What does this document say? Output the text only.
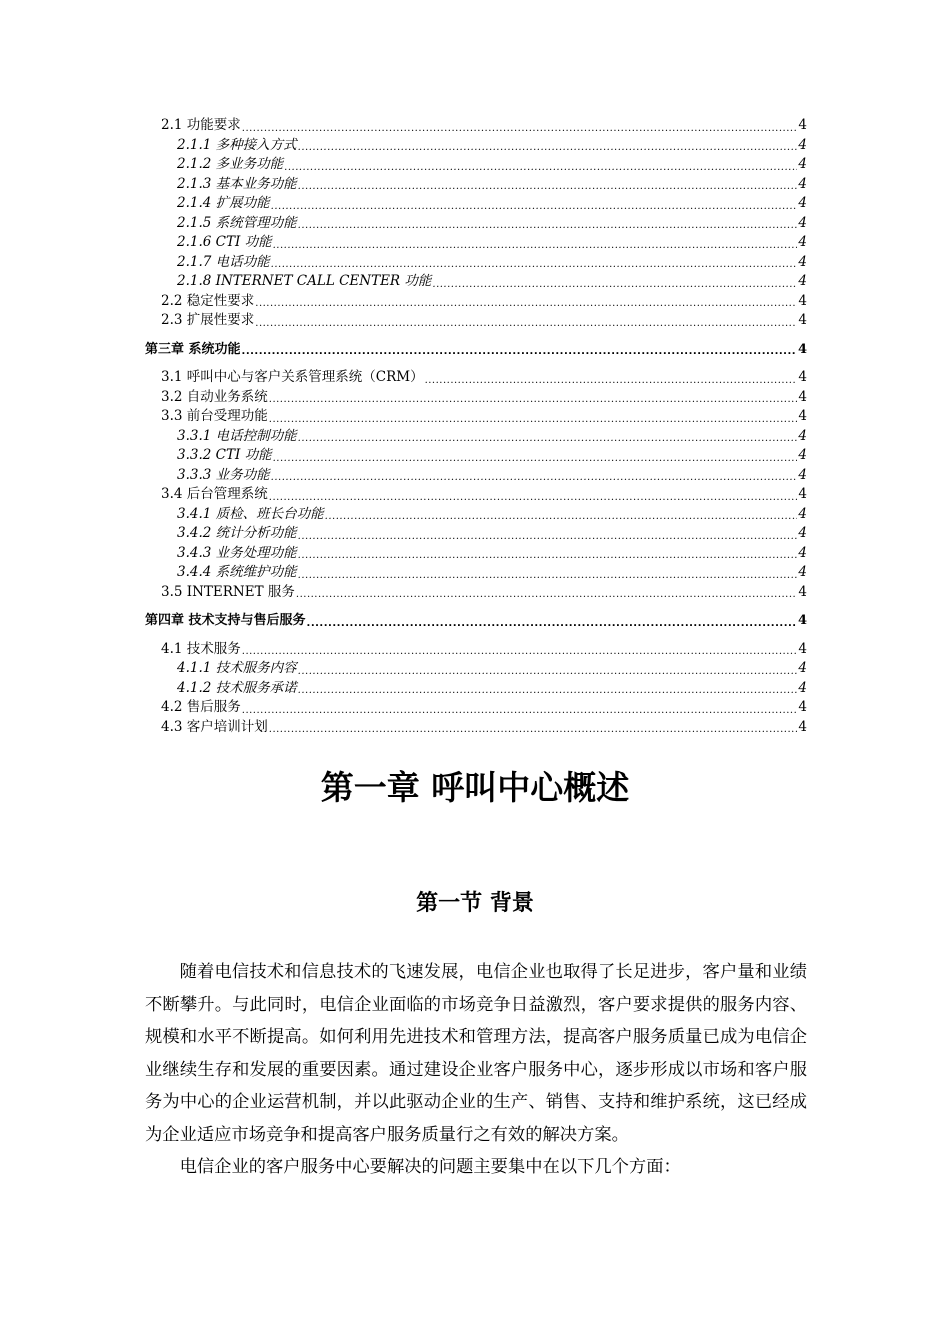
2.1 功能要求 .....	4
2.1.1 多种接入方式 .....	4
2.1.2 多业务功能 .....	4
2.1.3 基本业务功能 .....	4
2.1.4 扩展功能 .....	4
2.1.5 系统管理功能 .....	4
2.1.6 CTI 功能 .....	4
2.1.7 电话功能 .....	4
2.1.8 INTERNET CALL CENTER 功能 .....	4
2.2 稳定性要求 .....	4
2.3 扩展性要求 .....	4
第三章 系统功能 .....	4
3.1 呼叫中心与客户关系管理系统（CRM） .....	4
3.2 自动业务系统 .....	4
3.3 前台受理功能 .....	4
3.3.1 电话控制功能 .....	4
3.3.2 CTI 功能 .....	4
3.3.3 业务功能 .....	4
3.4 后台管理系统 .....	4
3.4.1 质检、班长台功能 .....	4
3.4.2 统计分析功能 .....	4
3.4.3 业务处理功能 .....	4
3.4.4 系统维护功能 .....	4
3.5 INTERNET 服务 .....	4
第四章 技术支持与售后服务 .....	4
4.1 技术服务 .....	4
4.1.1 技术服务内容 .....	4
4.1.2 技术服务承诺 .....	4
4.2 售后服务 .....	4
4.3 客户培训计划 .....	4
第一章 呼叫中心概述
第一节 背景

随着电信技术和信息技术的飞速发展，电信企业也取得了长足进步，客户量和业绩不断攀升。与此同时，电信企业面临的市场竞争日益激烈，客户要求提供的服务内容、规模和水平不断提高。如何利用先进技术和管理方法，提高客户服务质量已成为电信企业继续生存和发展的重要因素。通过建设企业客户服务中心，逐步形成以市场和客户服务为中心的企业运营机制，并以此驱动企业的生产、销售、支持和维护系统，这已经成为企业适应市场竞争和提高客户服务质量行之有效的解决方案。

电信企业的客户服务中心要解决的问题主要集中在以下几个方面：
